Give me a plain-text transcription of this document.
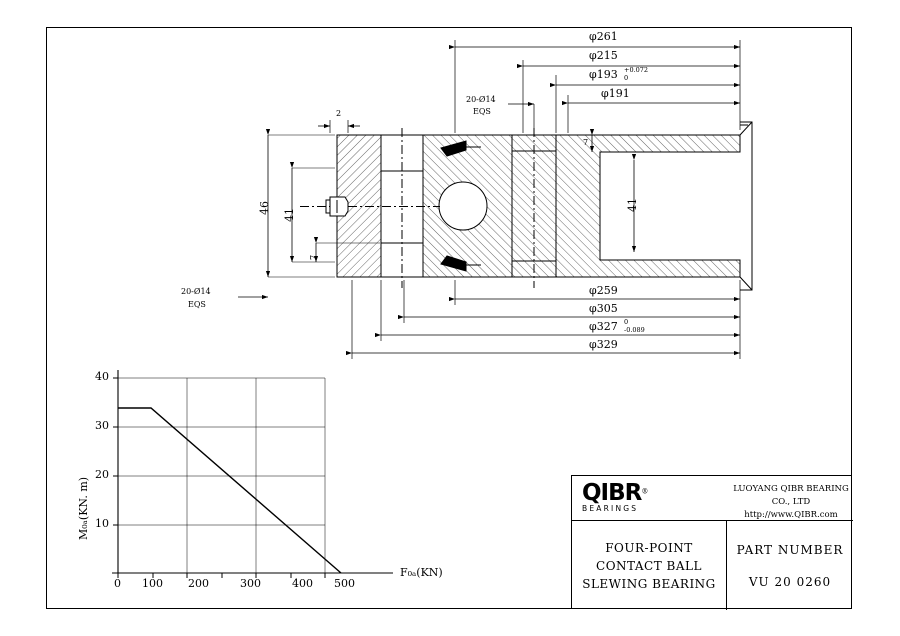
φ261
φ215
φ193 +0.072
0
φ191
20-Ø14
EQS
2
46 41
7
7
41
20-Ø14
EQS
φ259
φ305
φ327 0
-0.089
φ329
40
30
20
10
0 100 200	300	400 500
F₀ₐ(KN)
M₀ₐ(KN. m)	QIBR®
BEARINGS
LUOYANG QIBR BEARING CO., LTD
http://www.QIBR.com
FOUR-POINT
CONTACT BALL
SLEWING BEARING
PART NUMBER
VU 20 0260
